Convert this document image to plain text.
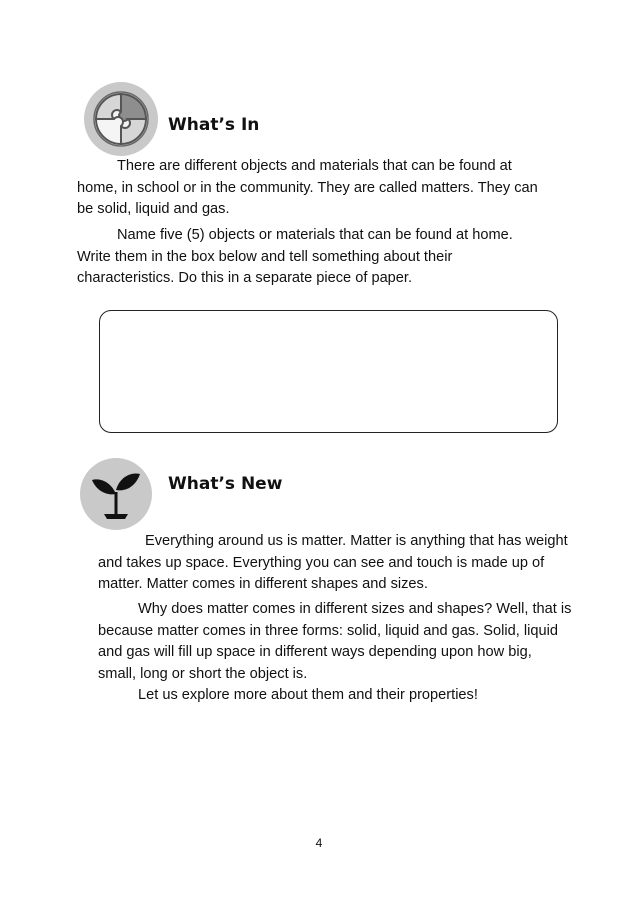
What’s In

There are different objects and materials that can be found at home, in school or in the community. They are called matters. They can be solid, liquid and gas.

Name five (5) objects or materials that can be found at home. Write them in the box below and tell something about their characteristics. Do this in a separate piece of paper.

What’s New

Everything around us is matter. Matter is anything that has weight and takes up space. Everything you can see and touch is made up of matter. Matter comes in different shapes and sizes.

Why does matter comes in different sizes and shapes? Well, that is because matter comes in three forms: solid, liquid and gas. Solid, liquid and gas will fill up space in different ways depending upon how big, small, long or short the object is.

Let us explore more about them and their properties!

4
